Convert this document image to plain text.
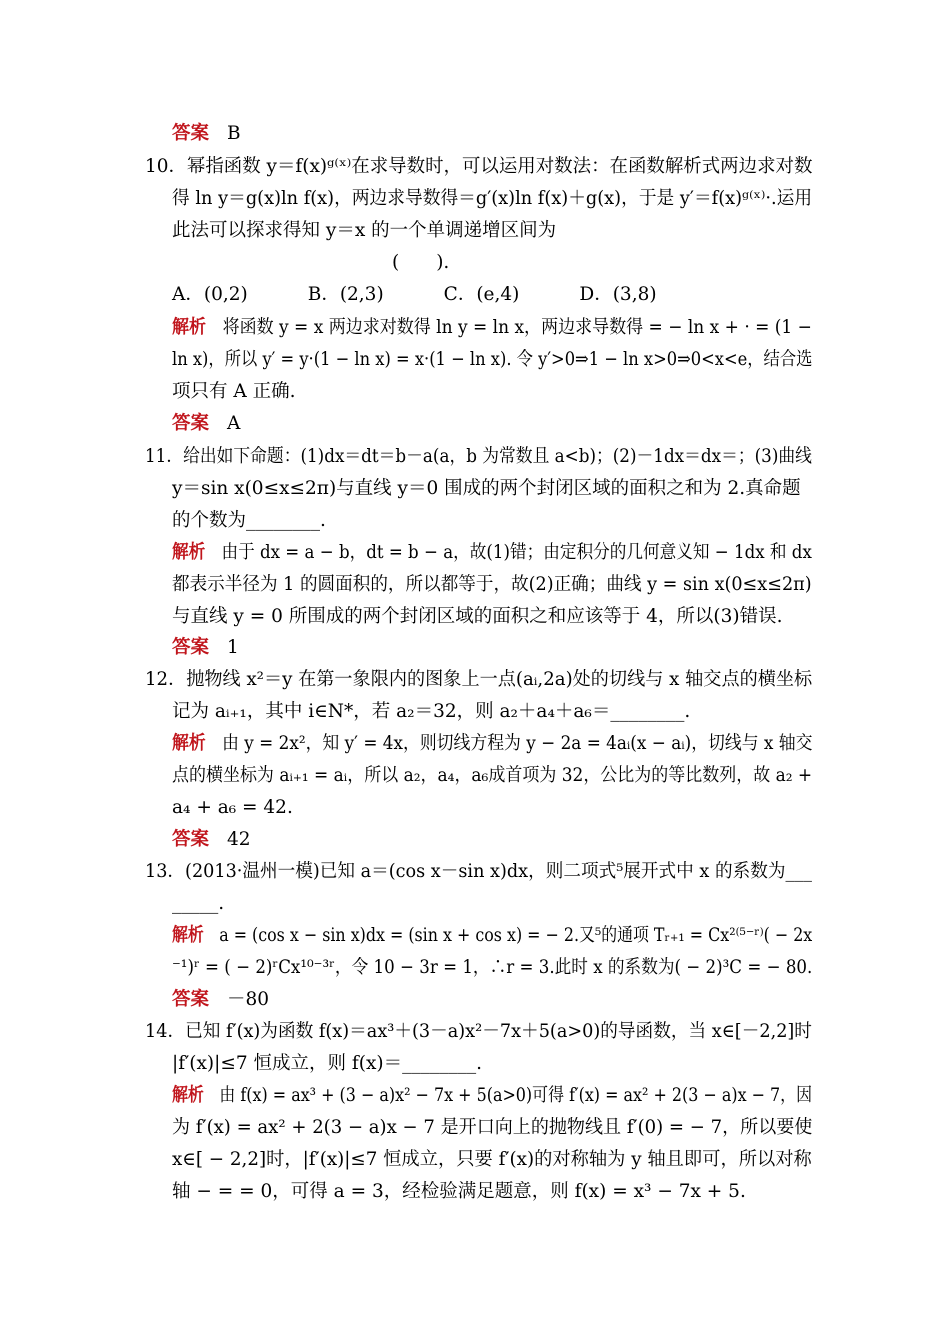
答案 B
10．幂指函数 y＝f(x)ᵍ⁽ˣ⁾在求导数时，可以运用对数法：在函数解析式两边求对数
得 ln y＝g(x)ln f(x)，两边求导数得＝g′(x)ln f(x)＋g(x)，于是 y′＝f(x)ᵍ⁽ˣ⁾·.运用
此法可以探求得知 y＝x 的一个单调递增区间为
(　　).
A．(0,2)	B．(2,3)	C．(e,4)	D．(3,8)
解析 将函数 y = x 两边求对数得 ln y = ln x，两边求导数得 = − ln x + · = (1 −
ln x)，所以 y′ = y·(1 − ln x) = x·(1 − ln x). 令 y′>0⇒1 − ln x>0⇒0<x<e，结合选
项只有 A 正确.
答案 A
11．给出如下命题：(1)dx＝dt＝b－a(a，b 为常数且 a<b)；(2)－1dx＝dx＝；(3)曲线
y＝sin x(0≤x≤2π)与直线 y＝0 围成的两个封闭区域的面积之和为 2.真命题
的个数为________.
解析 由于 dx = a − b，dt = b − a，故(1)错；由定积分的几何意义知 − 1dx 和 dx
都表示半径为 1 的圆面积的，所以都等于，故(2)正确；曲线 y = sin x(0≤x≤2π)
与直线 y = 0 所围成的两个封闭区域的面积之和应该等于 4，所以(3)错误.
答案 1
12．抛物线 x²＝y 在第一象限内的图象上一点(aᵢ,2a)处的切线与 x 轴交点的横坐标
记为 aᵢ₊₁，其中 i∈N*，若 a₂＝32，则 a₂＋a₄＋a₆＝________.
解析 由 y = 2x²，知 y′ = 4x，则切线方程为 y − 2a = 4aᵢ(x − aᵢ)，切线与 x 轴交
点的横坐标为 aᵢ₊₁ = aᵢ，所以 a₂，a₄，a₆成首项为 32，公比为的等比数列，故 a₂ +
a₄ + a₆ = 42.
答案 42
13．(2013·温州一模)已知 a＝(cos x－sin x)dx，则二项式⁵展开式中 x 的系数为___
_____.
解析 a = (cos x − sin x)dx = (sin x + cos x) = − 2.又⁵的通项 Tᵣ₊₁ = Cx²⁽⁵⁻ʳ⁾( − 2x
⁻¹)ʳ = ( − 2)ʳCx¹⁰⁻³ʳ，令 10 − 3r = 1，∴r = 3.此时 x 的系数为( − 2)³C = − 80.
答案 －80
14．已知 f′(x)为函数 f(x)＝ax³＋(3－a)x²－7x＋5(a>0)的导函数，当 x∈[－2,2]时
|f′(x)|≤7 恒成立，则 f(x)＝________.
解析 由 f(x) = ax³ + (3 − a)x² − 7x + 5(a>0)可得 f′(x) = ax² + 2(3 − a)x − 7，因
为 f′(x) = ax² + 2(3 − a)x − 7 是开口向上的抛物线且 f′(0) = − 7，所以要使
x∈[ − 2,2]时，|f′(x)|≤7 恒成立，只要 f′(x)的对称轴为 y 轴且即可，所以对称
轴 − = = 0，可得 a = 3，经检验满足题意，则 f(x) = x³ − 7x + 5.
